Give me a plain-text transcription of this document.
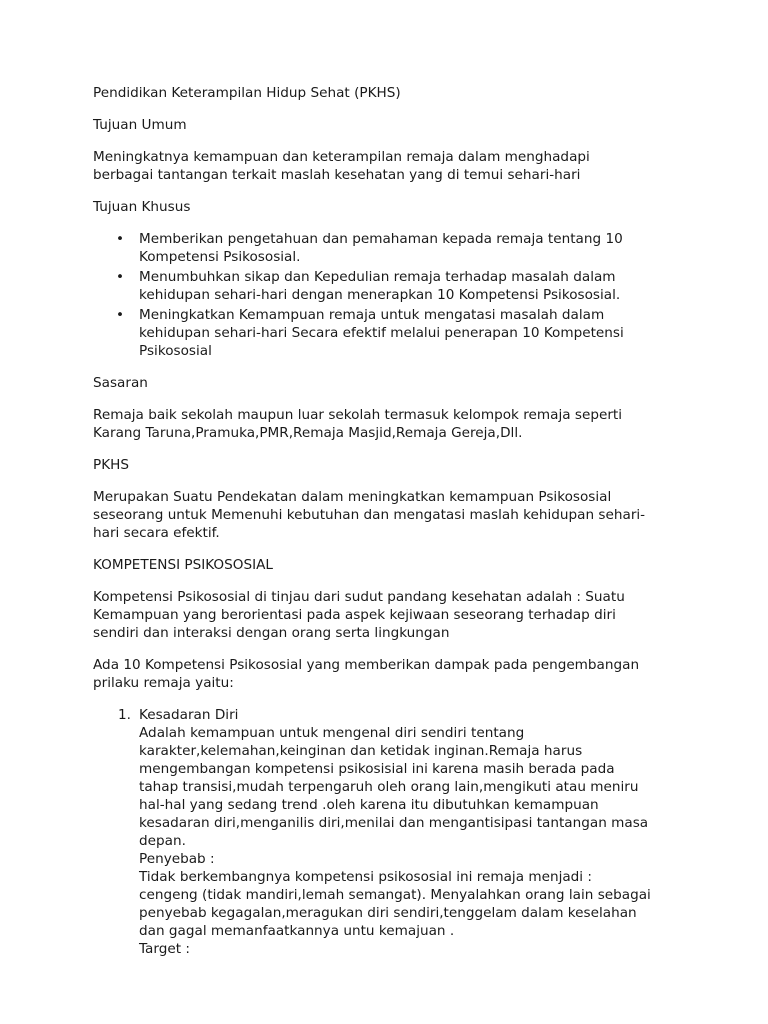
Pendidikan Keterampilan Hidup Sehat (PKHS)

Tujuan Umum

Meningkatnya kemampuan dan keterampilan remaja dalam menghadapi berbagai tantangan terkait maslah kesehatan yang di temui sehari-hari

Tujuan Khusus

• Memberikan pengetahuan dan pemahaman kepada remaja tentang 10 Kompetensi Psikososial.
• Menumbuhkan sikap dan Kepedulian remaja terhadap masalah dalam kehidupan sehari-hari dengan menerapkan 10 Kompetensi Psikososial.
• Meningkatkan Kemampuan remaja untuk mengatasi masalah dalam kehidupan sehari-hari Secara efektif melalui penerapan 10 Kompetensi Psikososial

Sasaran

Remaja baik sekolah maupun luar sekolah termasuk kelompok remaja seperti Karang Taruna,Pramuka,PMR,Remaja Masjid,Remaja Gereja,Dll.

PKHS

Merupakan Suatu Pendekatan dalam meningkatkan kemampuan Psikososial seseorang untuk Memenuhi kebutuhan dan mengatasi maslah kehidupan sehari-hari secara efektif.

KOMPETENSI PSIKOSOSIAL

Kompetensi Psikososial di tinjau dari sudut pandang kesehatan adalah : Suatu Kemampuan yang berorientasi pada aspek kejiwaan seseorang terhadap diri sendiri dan interaksi dengan orang serta lingkungan

Ada 10 Kompetensi Psikososial yang memberikan dampak pada pengembangan prilaku remaja yaitu:

1. Kesadaran Diri
Adalah kemampuan untuk mengenal diri sendiri tentang karakter,kelemahan,keinginan dan ketidak inginan.Remaja harus mengembangan kompetensi psikosisial ini karena masih berada pada tahap transisi,mudah terpengaruh oleh orang lain,mengikuti atau meniru hal-hal yang sedang trend .oleh karena itu dibutuhkan kemampuan kesadaran diri,menganilis diri,menilai dan mengantisipasi tantangan masa depan.
Penyebab :
Tidak berkembangnya kompetensi psikososial ini remaja menjadi : cengeng (tidak mandiri,lemah semangat). Menyalahkan orang lain sebagai penyebab kegagalan,meragukan diri sendiri,tenggelam dalam keselahan dan gagal memanfaatkannya untu kemajuan .
Target :
